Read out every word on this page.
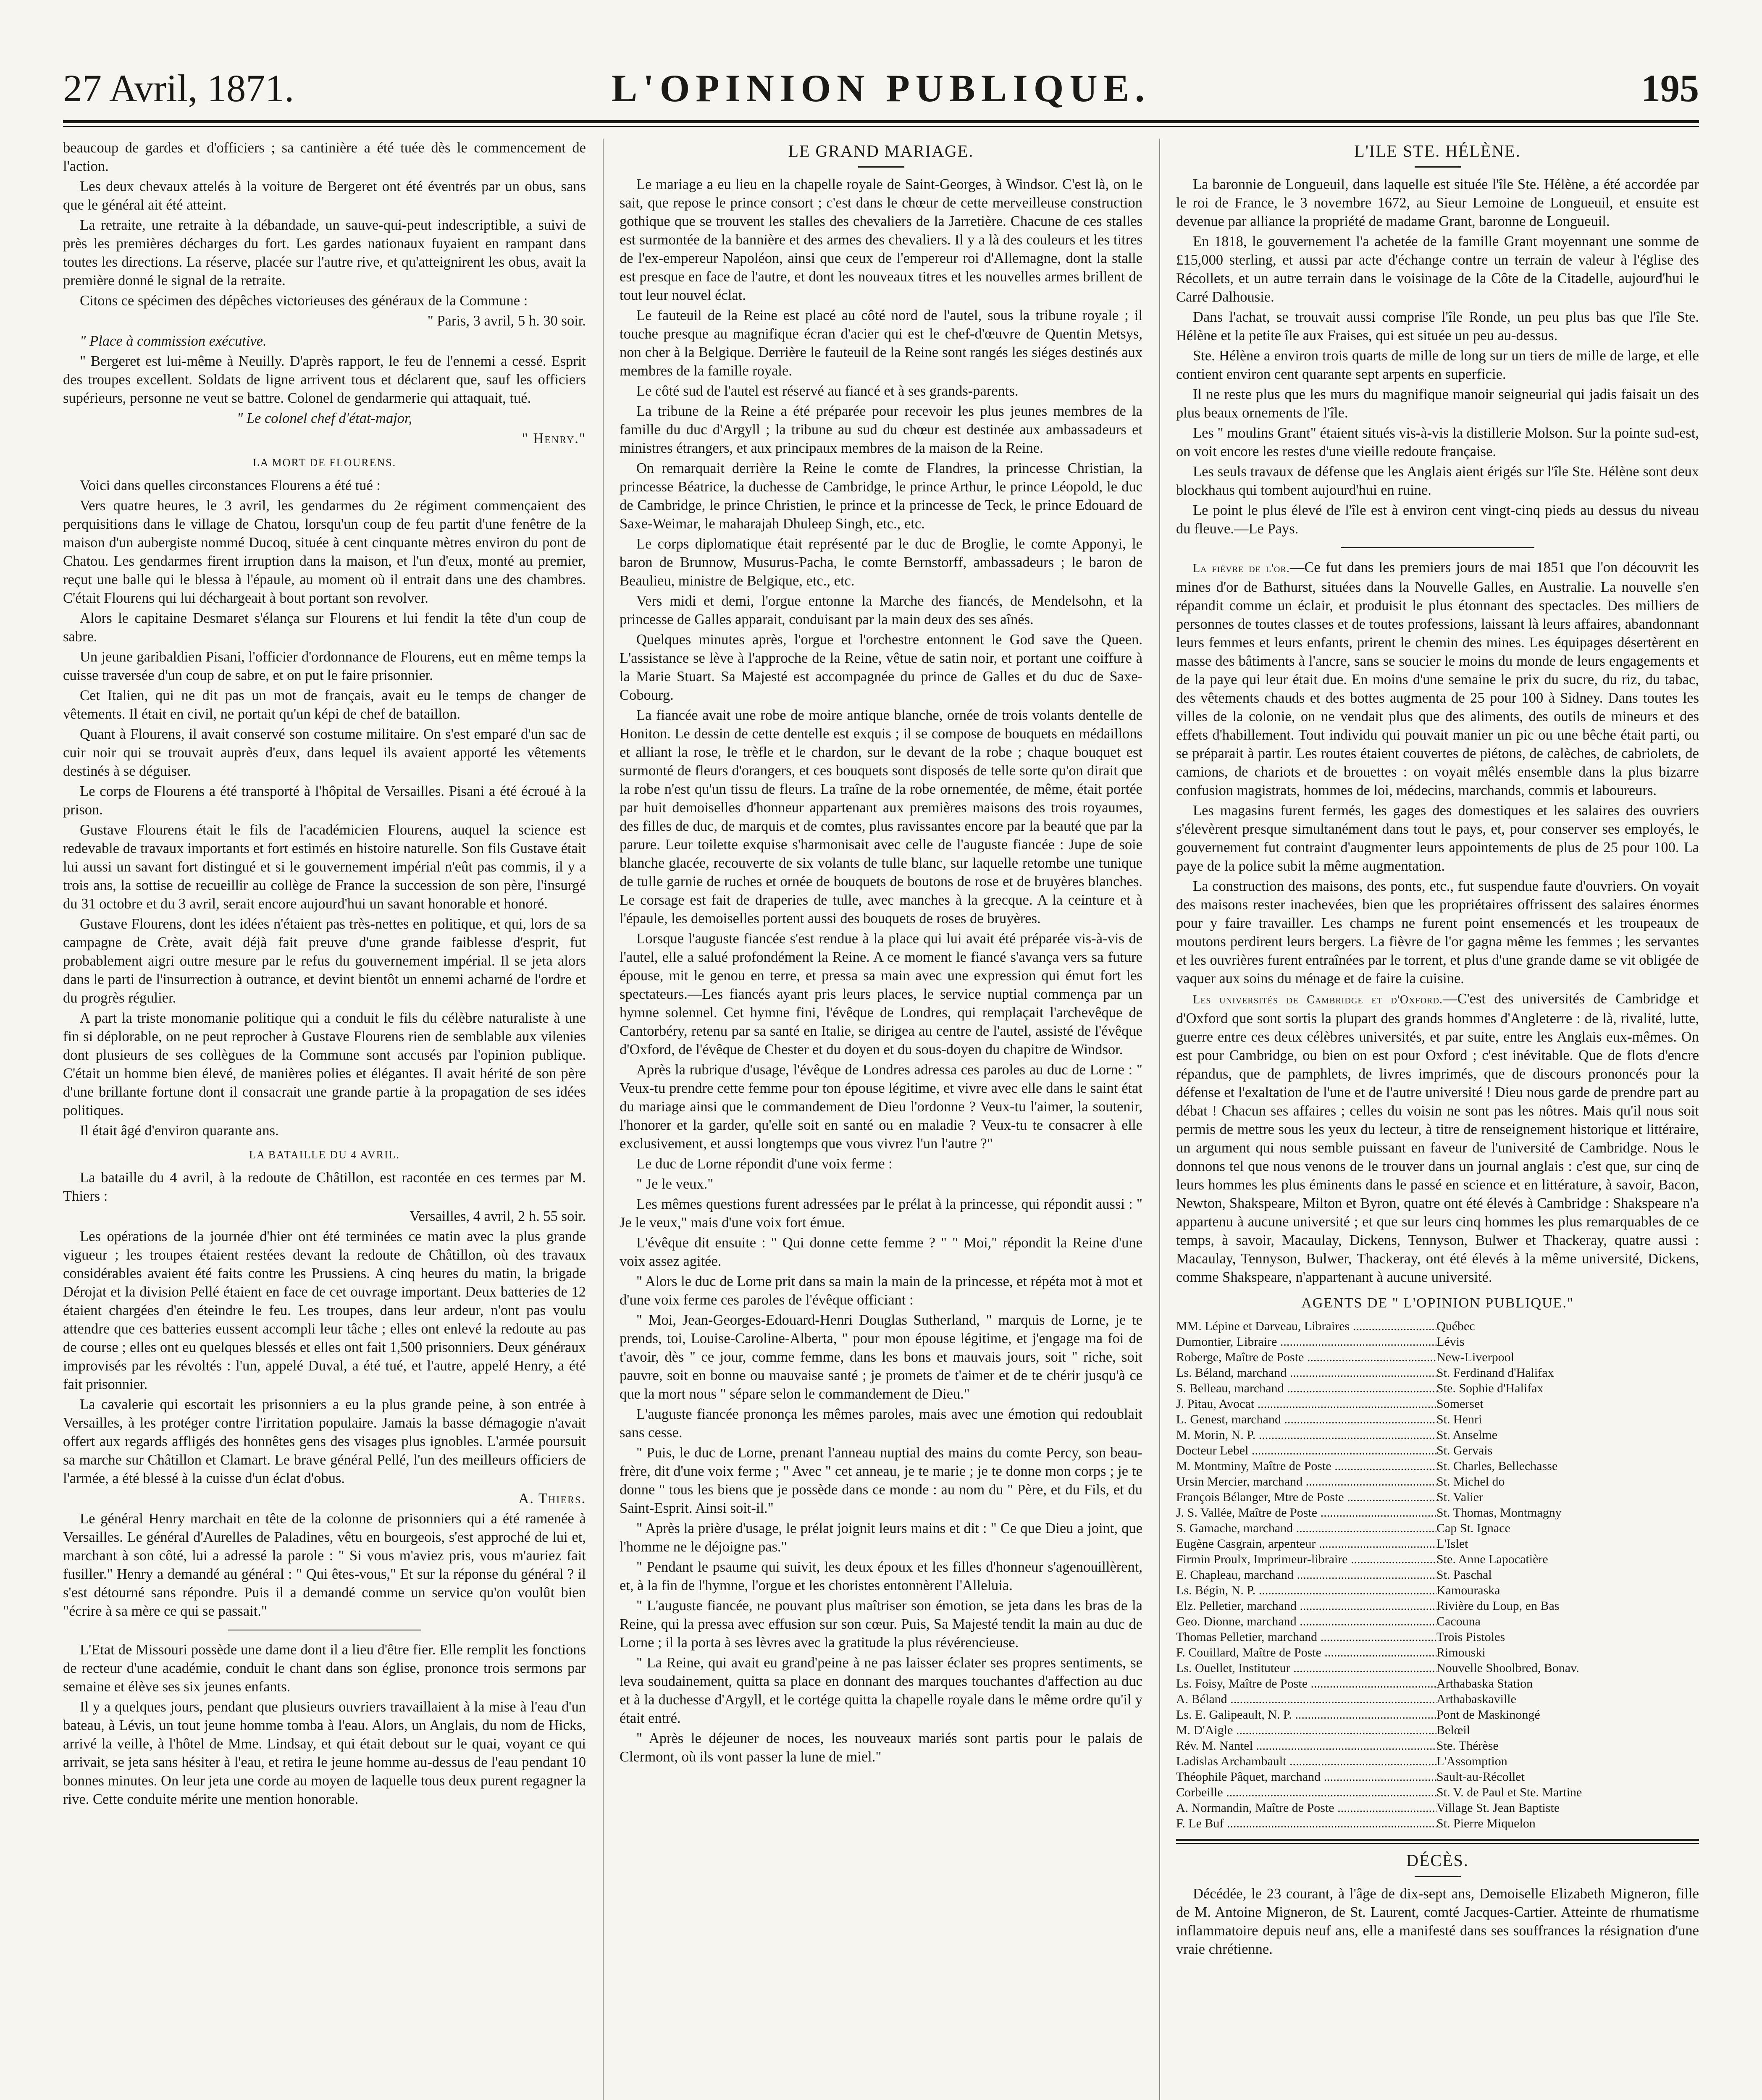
L'OPINION PUBLIQUE.
27 Avril, 1871.	195

beaucoup de gardes et d'officiers ; sa cantinière a été tuée dès le commencement de l'action.

Les deux chevaux attelés à la voiture de Bergeret ont été éventrés par un obus, sans que le général ait été atteint.

La retraite, une retraite à la débandade, un sauve-qui-peut indescriptible, a suivi de près les premières décharges du fort. Les gardes nationaux fuyaient en rampant dans toutes les directions. La réserve, placée sur l'autre rive, et qu'atteignirent les obus, avait la première donné le signal de la retraite.

Citons ce spécimen des dépêches victorieuses des généraux de la Commune :

" Paris, 3 avril, 5 h. 30 soir.

" Place à commission exécutive.

" Bergeret est lui-même à Neuilly. D'après rapport, le feu de l'ennemi a cessé. Esprit des troupes excellent. Soldats de ligne arrivent tous et déclarent que, sauf les officiers supérieurs, personne ne veut se battre. Colonel de gendarmerie qui attaquait, tué.

" Le colonel chef d'état-major,

" Henry."

LA MORT DE FLOURENS.

Voici dans quelles circonstances Flourens a été tué :

Vers quatre heures, le 3 avril, les gendarmes du 2e régiment commençaient des perquisitions dans le village de Chatou, lorsqu'un coup de feu partit d'une fenêtre de la maison d'un aubergiste nommé Ducoq, située à cent cinquante mètres environ du pont de Chatou. Les gendarmes firent irruption dans la maison, et l'un d'eux, monté au premier, reçut une balle qui le blessa à l'épaule, au moment où il entrait dans une des chambres. C'était Flourens qui lui déchargeait à bout portant son revolver.

Alors le capitaine Desmaret s'élança sur Flourens et lui fendit la tête d'un coup de sabre.

Un jeune garibaldien Pisani, l'officier d'ordonnance de Flourens, eut en même temps la cuisse traversée d'un coup de sabre, et on put le faire prisonnier.

Cet Italien, qui ne dit pas un mot de français, avait eu le temps de changer de vêtements. Il était en civil, ne portait qu'un képi de chef de bataillon.

Quant à Flourens, il avait conservé son costume militaire. On s'est emparé d'un sac de cuir noir qui se trouvait auprès d'eux, dans lequel ils avaient apporté les vêtements destinés à se déguiser.

Le corps de Flourens a été transporté à l'hôpital de Versailles. Pisani a été écroué à la prison.

Gustave Flourens était le fils de l'académicien Flourens, auquel la science est redevable de travaux importants et fort estimés en histoire naturelle. Son fils Gustave était lui aussi un savant fort distingué et si le gouvernement impérial n'eût pas commis, il y a trois ans, la sottise de recueillir au collège de France la succession de son père, l'insurgé du 31 octobre et du 3 avril, serait encore aujourd'hui un savant honorable et honoré.

Gustave Flourens, dont les idées n'étaient pas très-nettes en politique, et qui, lors de sa campagne de Crète, avait déjà fait preuve d'une grande faiblesse d'esprit, fut probablement aigri outre mesure par le refus du gouvernement impérial. Il se jeta alors dans le parti de l'insurrection à outrance, et devint bientôt un ennemi acharné de l'ordre et du progrès régulier.

A part la triste monomanie politique qui a conduit le fils du célèbre naturaliste à une fin si déplorable, on ne peut reprocher à Gustave Flourens rien de semblable aux vilenies dont plusieurs de ses collègues de la Commune sont accusés par l'opinion publique. C'était un homme bien élevé, de manières polies et élégantes. Il avait hérité de son père d'une brillante fortune dont il consacrait une grande partie à la propagation de ses idées politiques.

Il était âgé d'environ quarante ans.

LA BATAILLE DU 4 AVRIL.

La bataille du 4 avril, à la redoute de Châtillon, est racontée en ces termes par M. Thiers :

Versailles, 4 avril, 2 h. 55 soir.

Les opérations de la journée d'hier ont été terminées ce matin avec la plus grande vigueur ; les troupes étaient restées devant la redoute de Châtillon, où des travaux considérables avaient été faits contre les Prussiens. A cinq heures du matin, la brigade Dérojat et la division Pellé étaient en face de cet ouvrage important. Deux batteries de 12 étaient chargées d'en éteindre le feu. Les troupes, dans leur ardeur, n'ont pas voulu attendre que ces batteries eussent accompli leur tâche ; elles ont enlevé la redoute au pas de course ; elles ont eu quelques blessés et elles ont fait 1,500 prisonniers. Deux généraux improvisés par les révoltés : l'un, appelé Duval, a été tué, et l'autre, appelé Henry, a été fait prisonnier.

La cavalerie qui escortait les prisonniers a eu la plus grande peine, à son entrée à Versailles, à les protéger contre l'irritation populaire. Jamais la basse démagogie n'avait offert aux regards affligés des honnêtes gens des visages plus ignobles. L'armée poursuit sa marche sur Châtillon et Clamart. Le brave général Pellé, l'un des meilleurs officiers de l'armée, a été blessé à la cuisse d'un éclat d'obus.

A. Thiers.

Le général Henry marchait en tête de la colonne de prisonniers qui a été ramenée à Versailles. Le général d'Aurelles de Paladines, vêtu en bourgeois, s'est approché de lui et, marchant à son côté, lui a adressé la parole : " Si vous m'aviez pris, vous m'auriez fait fusiller." Henry a demandé au général : " Qui êtes-vous," Et sur la réponse du général ? il s'est détourné sans répondre. Puis il a demandé comme un service qu'on voulût bien "écrire à sa mère ce qui se passait."

L'Etat de Missouri possède une dame dont il a lieu d'être fier. Elle remplit les fonctions de recteur d'une académie, conduit le chant dans son église, prononce trois sermons par semaine et élève ses six jeunes enfants.

Il y a quelques jours, pendant que plusieurs ouvriers travaillaient à la mise à l'eau d'un bateau, à Lévis, un tout jeune homme tomba à l'eau. Alors, un Anglais, du nom de Hicks, arrivé la veille, à l'hôtel de Mme. Lindsay, et qui était debout sur le quai, voyant ce qui arrivait, se jeta sans hésiter à l'eau, et retira le jeune homme au-dessus de l'eau pendant 10 bonnes minutes. On leur jeta une corde au moyen de laquelle tous deux purent regagner la rive. Cette conduite mérite une mention honorable.

LE GRAND MARIAGE.

Le mariage a eu lieu en la chapelle royale de Saint-Georges, à Windsor. C'est là, on le sait, que repose le prince consort ; c'est dans le chœur de cette merveilleuse construction gothique que se trouvent les stalles des chevaliers de la Jarretière. Chacune de ces stalles est surmontée de la bannière et des armes des chevaliers. Il y a là des couleurs et les titres de l'ex-empereur Napoléon, ainsi que ceux de l'empereur roi d'Allemagne, dont la stalle est presque en face de l'autre, et dont les nouveaux titres et les nouvelles armes brillent de tout leur nouvel éclat.

Le fauteuil de la Reine est placé au côté nord de l'autel, sous la tribune royale ; il touche presque au magnifique écran d'acier qui est le chef-d'œuvre de Quentin Metsys, non cher à la Belgique. Derrière le fauteuil de la Reine sont rangés les siéges destinés aux membres de la famille royale.

Le côté sud de l'autel est réservé au fiancé et à ses grands-parents.

La tribune de la Reine a été préparée pour recevoir les plus jeunes membres de la famille du duc d'Argyll ; la tribune au sud du chœur est destinée aux ambassadeurs et ministres étrangers, et aux principaux membres de la maison de la Reine.

On remarquait derrière la Reine le comte de Flandres, la princesse Christian, la princesse Béatrice, la duchesse de Cambridge, le prince Arthur, le prince Léopold, le duc de Cambridge, le prince Christien, le prince et la princesse de Teck, le prince Edouard de Saxe-Weimar, le maharajah Dhuleep Singh, etc., etc.

Le corps diplomatique était représenté par le duc de Broglie, le comte Apponyi, le baron de Brunnow, Musurus-Pacha, le comte Bernstorff, ambassadeurs ; le baron de Beaulieu, ministre de Belgique, etc., etc.

Vers midi et demi, l'orgue entonne la Marche des fiancés, de Mendelsohn, et la princesse de Galles apparait, conduisant par la main deux des ses aînés.

Quelques minutes après, l'orgue et l'orchestre entonnent le God save the Queen. L'assistance se lève à l'approche de la Reine, vêtue de satin noir, et portant une coiffure à la Marie Stuart. Sa Majesté est accompagnée du prince de Galles et du duc de Saxe-Cobourg.

La fiancée avait une robe de moire antique blanche, ornée de trois volants dentelle de Honiton. Le dessin de cette dentelle est exquis ; il se compose de bouquets en médaillons et alliant la rose, le trèfle et le chardon, sur le devant de la robe ; chaque bouquet est surmonté de fleurs d'orangers, et ces bouquets sont disposés de telle sorte qu'on dirait que la robe n'est qu'un tissu de fleurs. La traîne de la robe ornementée, de même, était portée par huit demoiselles d'honneur appartenant aux premières maisons des trois royaumes, des filles de duc, de marquis et de comtes, plus ravissantes encore par la beauté que par la parure. Leur toilette exquise s'harmonisait avec celle de l'auguste fiancée : Jupe de soie blanche glacée, recouverte de six volants de tulle blanc, sur laquelle retombe une tunique de tulle garnie de ruches et ornée de bouquets de boutons de rose et de bruyères blanches. Le corsage est fait de draperies de tulle, avec manches à la grecque. A la ceinture et à l'épaule, les demoiselles portent aussi des bouquets de roses de bruyères.

Lorsque l'auguste fiancée s'est rendue à la place qui lui avait été préparée vis-à-vis de l'autel, elle a salué profondément la Reine. A ce moment le fiancé s'avança vers sa future épouse, mit le genou en terre, et pressa sa main avec une expression qui émut fort les spectateurs.—Les fiancés ayant pris leurs places, le service nuptial commença par un hymne solennel. Cet hymne fini, l'évêque de Londres, qui remplaçait l'archevêque de Cantorbéry, retenu par sa santé en Italie, se dirigea au centre de l'autel, assisté de l'évêque d'Oxford, de l'évêque de Chester et du doyen et du sous-doyen du chapitre de Windsor.

Après la rubrique d'usage, l'évêque de Londres adressa ces paroles au duc de Lorne : " Veux-tu prendre cette femme pour ton épouse légitime, et vivre avec elle dans le saint état du mariage ainsi que le commandement de Dieu l'ordonne ? Veux-tu l'aimer, la soutenir, l'honorer et la garder, qu'elle soit en santé ou en maladie ? Veux-tu te consacrer à elle exclusivement, et aussi longtemps que vous vivrez l'un l'autre ?"

Le duc de Lorne répondit d'une voix ferme :

" Je le veux."

Les mêmes questions furent adressées par le prélat à la princesse, qui répondit aussi : " Je le veux," mais d'une voix fort émue.

L'évêque dit ensuite : " Qui donne cette femme ? " " Moi," répondit la Reine d'une voix assez agitée.

" Alors le duc de Lorne prit dans sa main la main de la princesse, et répéta mot à mot et d'une voix ferme ces paroles de l'évêque officiant :

" Moi, Jean-Georges-Edouard-Henri Douglas Sutherland, " marquis de Lorne, je te prends, toi, Louise-Caroline-Alberta, " pour mon épouse légitime, et j'engage ma foi de t'avoir, dès " ce jour, comme femme, dans les bons et mauvais jours, soit " riche, soit pauvre, soit en bonne ou mauvaise santé ; je promets de t'aimer et de te chérir jusqu'à ce que la mort nous " sépare selon le commandement de Dieu."

L'auguste fiancée prononça les mêmes paroles, mais avec une émotion qui redoublait sans cesse.

" Puis, le duc de Lorne, prenant l'anneau nuptial des mains du comte Percy, son beau-frère, dit d'une voix ferme ; " Avec " cet anneau, je te marie ; je te donne mon corps ; je te donne " tous les biens que je possède dans ce monde : au nom du " Père, et du Fils, et du Saint-Esprit. Ainsi soit-il."

" Après la prière d'usage, le prélat joignit leurs mains et dit : " Ce que Dieu a joint, que l'homme ne le déjoigne pas."

" Pendant le psaume qui suivit, les deux époux et les filles d'honneur s'agenouillèrent, et, à la fin de l'hymne, l'orgue et les choristes entonnèrent l'Alleluia.

" L'auguste fiancée, ne pouvant plus maîtriser son émotion, se jeta dans les bras de la Reine, qui la pressa avec effusion sur son cœur. Puis, Sa Majesté tendit la main au duc de Lorne ; il la porta à ses lèvres avec la gratitude la plus révérencieuse.

" La Reine, qui avait eu grand'peine à ne pas laisser éclater ses propres sentiments, se leva soudainement, quitta sa place en donnant des marques touchantes d'affection au duc et à la duchesse d'Argyll, et le cortége quitta la chapelle royale dans le même ordre qu'il y était entré.

" Après le déjeuner de noces, les nouveaux mariés sont partis pour le palais de Clermont, où ils vont passer la lune de miel."

L'ILE STE. HÉLÈNE.

La baronnie de Longueuil, dans laquelle est située l'île Ste. Hélène, a été accordée par le roi de France, le 3 novembre 1672, au Sieur Lemoine de Longueuil, et ensuite est devenue par alliance la propriété de madame Grant, baronne de Longueuil.

En 1818, le gouvernement l'a achetée de la famille Grant moyennant une somme de £15,000 sterling, et aussi par acte d'échange contre un terrain de valeur à l'église des Récollets, et un autre terrain dans le voisinage de la Côte de la Citadelle, aujourd'hui le Carré Dalhousie.

Dans l'achat, se trouvait aussi comprise l'île Ronde, un peu plus bas que l'île Ste. Hélène et la petite île aux Fraises, qui est située un peu au-dessus.

Ste. Hélène a environ trois quarts de mille de long sur un tiers de mille de large, et elle contient environ cent quarante sept arpents en superficie.

Il ne reste plus que les murs du magnifique manoir seigneurial qui jadis faisait un des plus beaux ornements de l'île.

Les " moulins Grant" étaient situés vis-à-vis la distillerie Molson. Sur la pointe sud-est, on voit encore les restes d'une vieille redoute française.

Les seuls travaux de défense que les Anglais aient érigés sur l'île Ste. Hélène sont deux blockhaus qui tombent aujourd'hui en ruine.

Le point le plus élevé de l'île est à environ cent vingt-cinq pieds au dessus du niveau du fleuve.—Le Pays.

La fièvre de l'or.—Ce fut dans les premiers jours de mai 1851 que l'on découvrit les mines d'or de Bathurst, situées dans la Nouvelle Galles, en Australie. La nouvelle s'en répandit comme un éclair, et produisit le plus étonnant des spectacles. Des milliers de personnes de toutes classes et de toutes professions, laissant là leurs affaires, abandonnant leurs femmes et leurs enfants, prirent le chemin des mines. Les équipages désertèrent en masse des bâtiments à l'ancre, sans se soucier le moins du monde de leurs engagements et de la paye qui leur était due. En moins d'une semaine le prix du sucre, du riz, du tabac, des vêtements chauds et des bottes augmenta de 25 pour 100 à Sidney. Dans toutes les villes de la colonie, on ne vendait plus que des aliments, des outils de mineurs et des effets d'habillement. Tout individu qui pouvait manier un pic ou une bêche était parti, ou se préparait à partir. Les routes étaient couvertes de piétons, de calèches, de cabriolets, de camions, de chariots et de brouettes : on voyait mêlés ensemble dans la plus bizarre confusion magistrats, hommes de loi, médecins, marchands, commis et laboureurs.

Les magasins furent fermés, les gages des domestiques et les salaires des ouvriers s'élevèrent presque simultanément dans tout le pays, et, pour conserver ses employés, le gouvernement fut contraint d'augmenter leurs appointements de plus de 25 pour 100. La paye de la police subit la même augmentation.

La construction des maisons, des ponts, etc., fut suspendue faute d'ouvriers. On voyait des maisons rester inachevées, bien que les propriétaires offrissent des salaires énormes pour y faire travailler. Les champs ne furent point ensemencés et les troupeaux de moutons perdirent leurs bergers. La fièvre de l'or gagna même les femmes ; les servantes et les ouvrières furent entraînées par le torrent, et plus d'une grande dame se vit obligée de vaquer aux soins du ménage et de faire la cuisine.

Les universités de Cambridge et d'Oxford.—C'est des universités de Cambridge et d'Oxford que sont sortis la plupart des grands hommes d'Angleterre : de là, rivalité, lutte, guerre entre ces deux célèbres universités, et par suite, entre les Anglais eux-mêmes. On est pour Cambridge, ou bien on est pour Oxford ; c'est inévitable. Que de flots d'encre répandus, que de pamphlets, de livres imprimés, que de discours prononcés pour la défense et l'exaltation de l'une et de l'autre université ! Dieu nous garde de prendre part au débat ! Chacun ses affaires ; celles du voisin ne sont pas les nôtres. Mais qu'il nous soit permis de mettre sous les yeux du lecteur, à titre de renseignement historique et littéraire, un argument qui nous semble puissant en faveur de l'université de Cambridge. Nous le donnons tel que nous venons de le trouver dans un journal anglais : c'est que, sur cinq de leurs hommes les plus éminents dans le passé en science et en littérature, à savoir, Bacon, Newton, Shakspeare, Milton et Byron, quatre ont été élevés à Cambridge : Shakspeare n'a appartenu à aucune université ; et que sur leurs cinq hommes les plus remarquables de ce temps, à savoir, Macaulay, Dickens, Tennyson, Bulwer et Thackeray, quatre aussi : Macaulay, Tennyson, Bulwer, Thackeray, ont été élevés à la même université, Dickens, comme Shakspeare, n'appartenant à aucune université.

AGENTS DE " L'OPINION PUBLIQUE."
MM. Lépine et Darveau, Libraires .....	Québec
Dumontier, Libraire .....	Lévis
Roberge, Maître de Poste .....	New-Liverpool
Ls. Béland, marchand .....	St. Ferdinand d'Halifax
S. Belleau, marchand .....	Ste. Sophie d'Halifax
J. Pitau, Avocat .....	Somerset
L. Genest, marchand .....	St. Henri
M. Morin, N. P. .....	St. Anselme
Docteur Lebel .....	St. Gervais
M. Montminy, Maître de Poste .....	St. Charles, Bellechasse
Ursin Mercier, marchand .....	St. Michel do
François Bélanger, Mtre de Poste .....	St. Valier
J. S. Vallée, Maître de Poste .....	St. Thomas, Montmagny
S. Gamache, marchand .....	Cap St. Ignace
Eugène Casgrain, arpenteur .....	L'Islet
Firmin Proulx, Imprimeur-libraire .....	Ste. Anne Lapocatière
E. Chapleau, marchand .....	St. Paschal
Ls. Bégin, N. P. .....	Kamouraska
Elz. Pelletier, marchand .....	Rivière du Loup, en Bas
Geo. Dionne, marchand .....	Cacouna
Thomas Pelletier, marchand .....	Trois Pistoles
F. Couillard, Maître de Poste .....	Rimouski
Ls. Ouellet, Instituteur .....	Nouvelle Shoolbred, Bonav.
Ls. Foisy, Maître de Poste .....	Arthabaska Station
A. Béland .....	Arthabaskaville
Ls. E. Galipeault, N. P. .....	Pont de Maskinongé
M. D'Aigle .....	Belœil
Rév. M. Nantel .....	Ste. Thérèse
Ladislas Archambault .....	L'Assomption
Théophile Pâquet, marchand .....	Sault-au-Récollet
Corbeille .....	St. V. de Paul et Ste. Martine
A. Normandin, Maître de Poste .....	Village St. Jean Baptiste
F. Le Buf .....	St. Pierre Miquelon
DÉCÈS.

Décédée, le 23 courant, à l'âge de dix-sept ans, Demoiselle Elizabeth Migneron, fille de M. Antoine Migneron, de St. Laurent, comté Jacques-Cartier. Atteinte de rhumatisme inflammatoire depuis neuf ans, elle a manifesté dans ses souffrances la résignation d'une vraie chrétienne.
